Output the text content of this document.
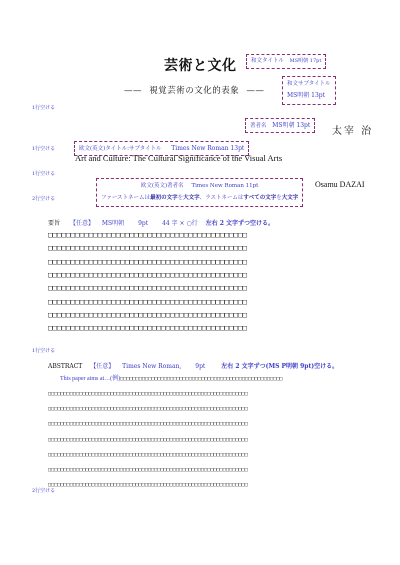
芸術と文化	和文タイトル MS明朝 17pt
—— 視覚芸術の文化的表象 ——
和文サブタイトル
MS明朝 13pt
1行空ける
著者名 MS明朝 13pt
太宰 治
1行空ける	欧文(英文)タイトル:サブタイトル Times New Roman 13pt
Art and Culture: The Cultural Significance of the Visual Arts
1行空ける
欧文(英文)著者名 Times New Roman 11pt
ファーストネームは最初の文字を大文字、ラストネームはすべての文字を大文字
Osamu DAZAI
2行空ける
要旨 【任意】 MS明朝 9pt 44 字 × ○行 左右 2 文字ずつ空ける。
□□□□□□□□□□□□□□□□□□□□□□□□□□□□□□□□□□□□□□□□□□□□
□□□□□□□□□□□□□□□□□□□□□□□□□□□□□□□□□□□□□□□□□□□□
□□□□□□□□□□□□□□□□□□□□□□□□□□□□□□□□□□□□□□□□□□□□
□□□□□□□□□□□□□□□□□□□□□□□□□□□□□□□□□□□□□□□□□□□□
□□□□□□□□□□□□□□□□□□□□□□□□□□□□□□□□□□□□□□□□□□□□
□□□□□□□□□□□□□□□□□□□□□□□□□□□□□□□□□□□□□□□□□□□□
□□□□□□□□□□□□□□□□□□□□□□□□□□□□□□□□□□□□□□□□□□□□
□□□□□□□□□□□□□□□□□□□□□□□□□□□□□□□□□□□□□□□□□□□□
1行空ける
ABSTRACT 【任意】 Times New Roman, 9pt	左右 2 文字ずつ(MS P明朝 9pt)空ける。
This paper aims at…(例)□□□□□□□□□□□□□□□□□□□□□□□□□□□□□□□□□□□□□□□□□□□□□□□□□□□□
□□□□□□□□□□□□□□□□□□□□□□□□□□□□□□□□□□□□□□□□□□□□□□□□□□□□□□□□□□□□□□□□
□□□□□□□□□□□□□□□□□□□□□□□□□□□□□□□□□□□□□□□□□□□□□□□□□□□□□□□□□□□□□□□□
□□□□□□□□□□□□□□□□□□□□□□□□□□□□□□□□□□□□□□□□□□□□□□□□□□□□□□□□□□□□□□□□
□□□□□□□□□□□□□□□□□□□□□□□□□□□□□□□□□□□□□□□□□□□□□□□□□□□□□□□□□□□□□□□□
□□□□□□□□□□□□□□□□□□□□□□□□□□□□□□□□□□□□□□□□□□□□□□□□□□□□□□□□□□□□□□□□
□□□□□□□□□□□□□□□□□□□□□□□□□□□□□□□□□□□□□□□□□□□□□□□□□□□□□□□□□□□□□□□□
□□□□□□□□□□□□□□□□□□□□□□□□□□□□□□□□□□□□□□□□□□□□□□□□□□□□□□□□□□□□□□□□
2行空ける
